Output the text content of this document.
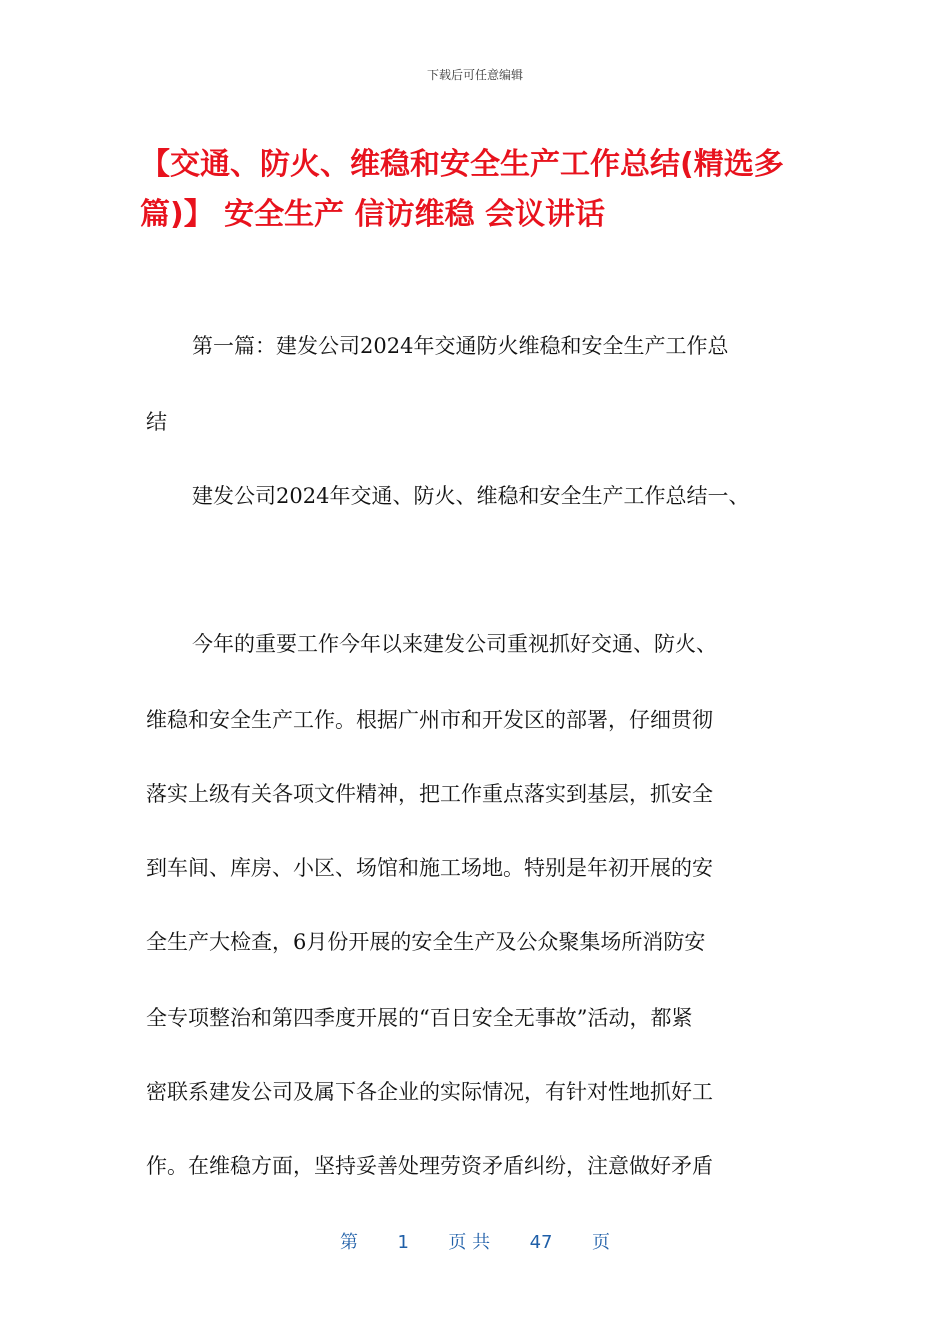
下载后可任意编辑
【交通、防火、维稳和安全生产工作总结(精选多篇)】 安全生产 信访维稳 会议讲话
第一篇：建发公司2024年交通防火维稳和安全生产工作总
结
建发公司2024年交通、防火、维稳和安全生产工作总结一、
今年的重要工作今年以来建发公司重视抓好交通、防火、
维稳和安全生产工作。根据广州市和开发区的部署，仔细贯彻
落实上级有关各项文件精神，把工作重点落实到基层，抓安全
到车间、库房、小区、场馆和施工场地。特别是年初开展的安
全生产大检查，6月份开展的安全生产及公众聚集场所消防安
全专项整治和第四季度开展的“百日安全无事故”活动，都紧
密联系建发公司及属下各企业的实际情况，有针对性地抓好工
作。在维稳方面，坚持妥善处理劳资矛盾纠纷，注意做好矛盾
第 1 页 共 47 页
